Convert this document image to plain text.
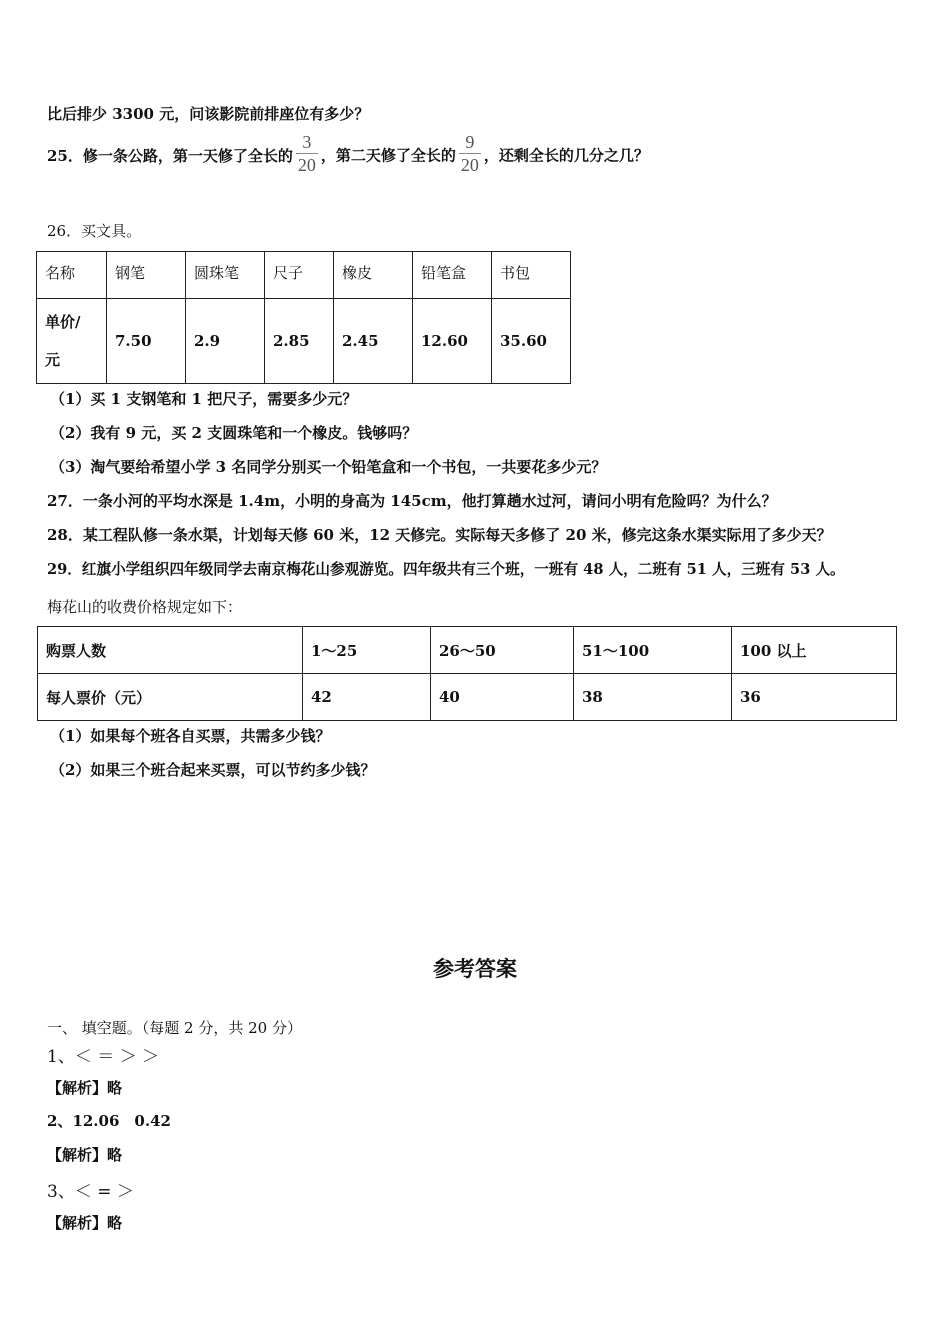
比后排少 3300 元，问该影院前排座位有多少？
25．修一条公路，第一天修了全长的 $\frac{3}{20}$ ，第二天修了全长的 $\frac{9}{20}$ ，还剩全长的几分之几？
26．买文具。
名称	钢笔	圆珠笔	尺子	橡皮	铅笔盒	书包
单价/
元	7.50	2.9	2.85	2.45	12.60	35.60
（1）买 1 支钢笔和 1 把尺子，需要多少元？
（2）我有 9 元，买 2 支圆珠笔和一个橡皮。钱够吗？
（3）淘气要给希望小学 3 名同学分别买一个铅笔盒和一个书包，一共要花多少元？
27．一条小河的平均水深是 1.4m，小明的身高为 145cm，他打算趟水过河，请问小明有危险吗？为什么？
28．某工程队修一条水渠，计划每天修 60 米，12 天修完。实际每天多修了 20 米，修完这条水渠实际用了多少天？
29．红旗小学组织四年级同学去南京梅花山参观游览。四年级共有三个班，一班有 48 人，二班有 51 人，三班有 53 人。
梅花山的收费价格规定如下：
购票人数	1～25	26～50	51～100	100 以上
每人票价（元）	42	40	38	36
（1）如果每个班各自买票，共需多少钱？
（2）如果三个班合起来买票，可以节约多少钱？
参考答案
一、 填空题。（每题 2 分，共 20 分）
1、＜ ＝ ＞ ＞
【解析】略
2、12.06　0.42
【解析】略
3、＜ = ＞
【解析】略
